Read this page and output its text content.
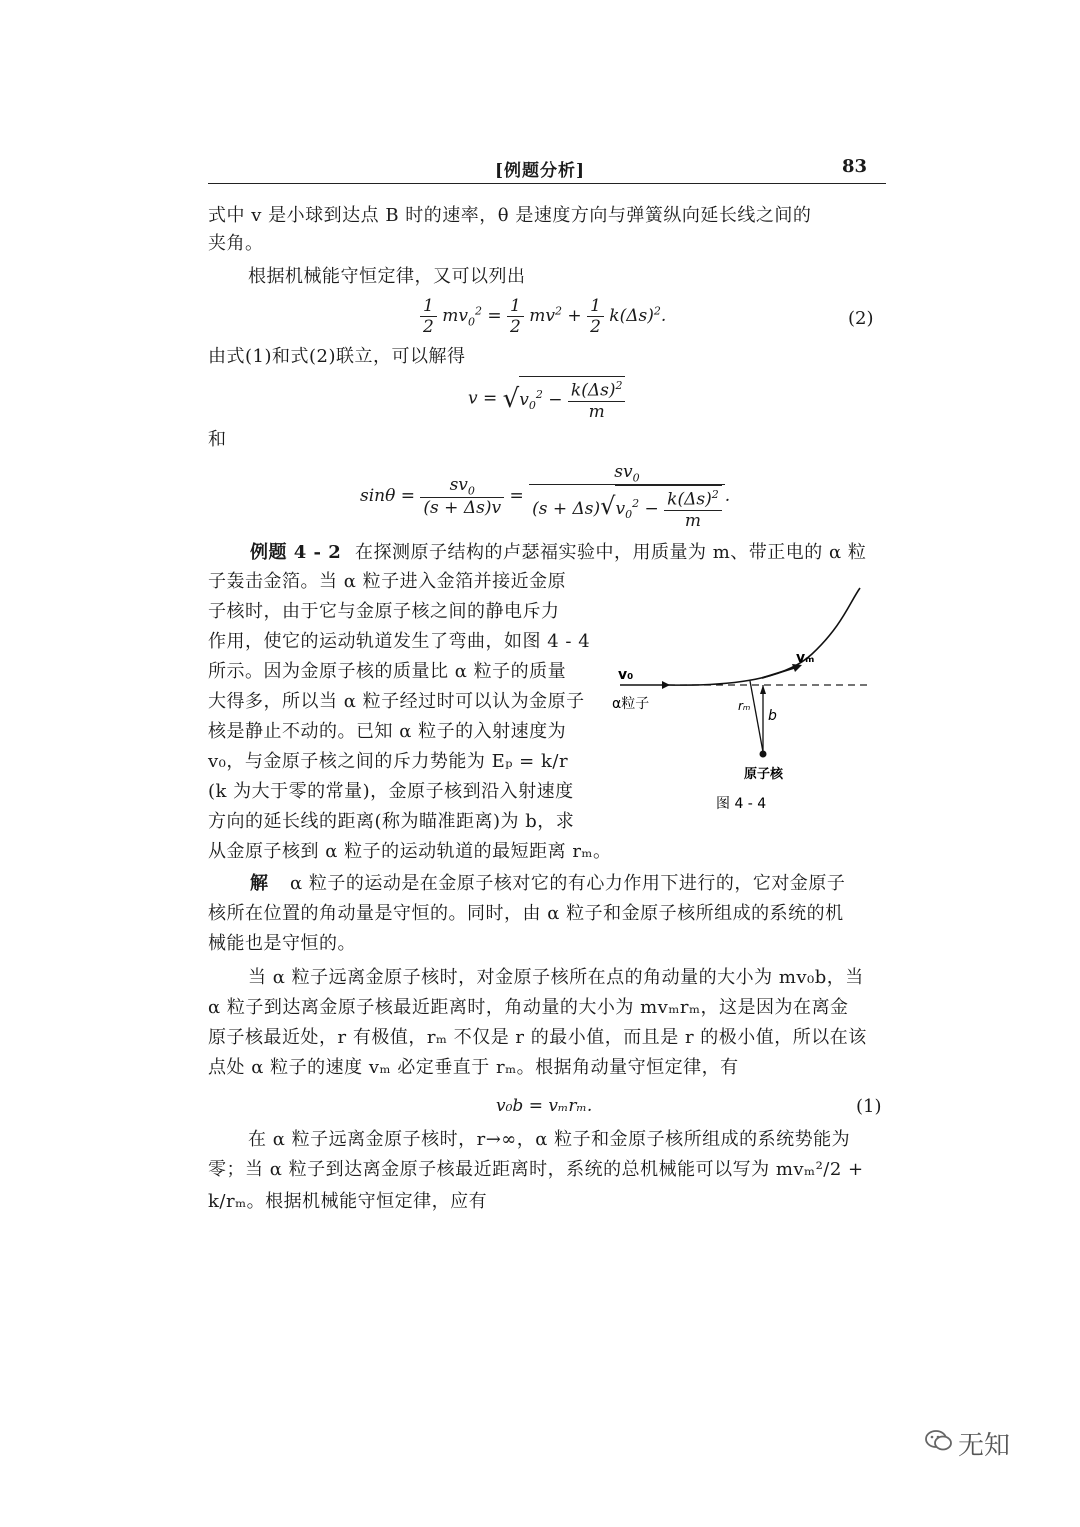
[例题分析]	83
式中 v 是小球到达点 B 时的速率，θ 是速度方向与弹簧纵向延长线之间的
夹角。
根据机械能守恒定律，又可以列出
$\frac{1}{2} mv_0^2 = \frac{1}{2} mv^2 + \frac{1}{2} k(\Delta s)^2$.	(2)
由式(1)和式(2)联立，可以解得
$v = √v_0^2 - \frac{k(\Delta s)^2}{m}$
和
$\sin\theta = \frac{sv_0}{(s + \Delta s)v} = \frac{sv_0}{(s + \Delta s)√v_0^2 - \frac{k(\Delta s)^2}{m}}$ .
例题 4 - 2 在探测原子结构的卢瑟福实验中，用质量为 m、带正电的 α 粒
子轰击金箔。当 α 粒子进入金箔并接近金原
子核时，由于它与金原子核之间的静电斥力
作用，使它的运动轨道发生了弯曲，如图 4 - 4
所示。因为金原子核的质量比 α 粒子的质量
大得多，所以当 α 粒子经过时可以认为金原子
核是静止不动的。已知 α 粒子的入射速度为
v₀，与金原子核之间的斥力势能为 Eₚ = k/r
(k 为大于零的常量)，金原子核到沿入射速度
方向的延长线的距离(称为瞄准距离)为 b，求
从金原子核到 α 粒子的运动轨道的最短距离 rₘ。
v₀
α粒子
vₘ
rₘ
b
原子核
图 4 - 4
解 α 粒子的运动是在金原子核对它的有心力作用下进行的，它对金原子
核所在位置的角动量是守恒的。同时，由 α 粒子和金原子核所组成的系统的机
械能也是守恒的。
当 α 粒子远离金原子核时，对金原子核所在点的角动量的大小为 mv₀b，当
α 粒子到达离金原子核最近距离时，角动量的大小为 mvₘrₘ，这是因为在离金
原子核最近处，r 有极值，rₘ 不仅是 r 的最小值，而且是 r 的极小值，所以在该
点处 α 粒子的速度 vₘ 必定垂直于 rₘ。根据角动量守恒定律，有
v₀b = vₘrₘ.	(1)
在 α 粒子远离金原子核时，r→∞，α 粒子和金原子核所组成的系统势能为
零；当 α 粒子到达离金原子核最近距离时，系统的总机械能可以写为 mvₘ²/2 +
k/rₘ。根据机械能守恒定律，应有
无知
